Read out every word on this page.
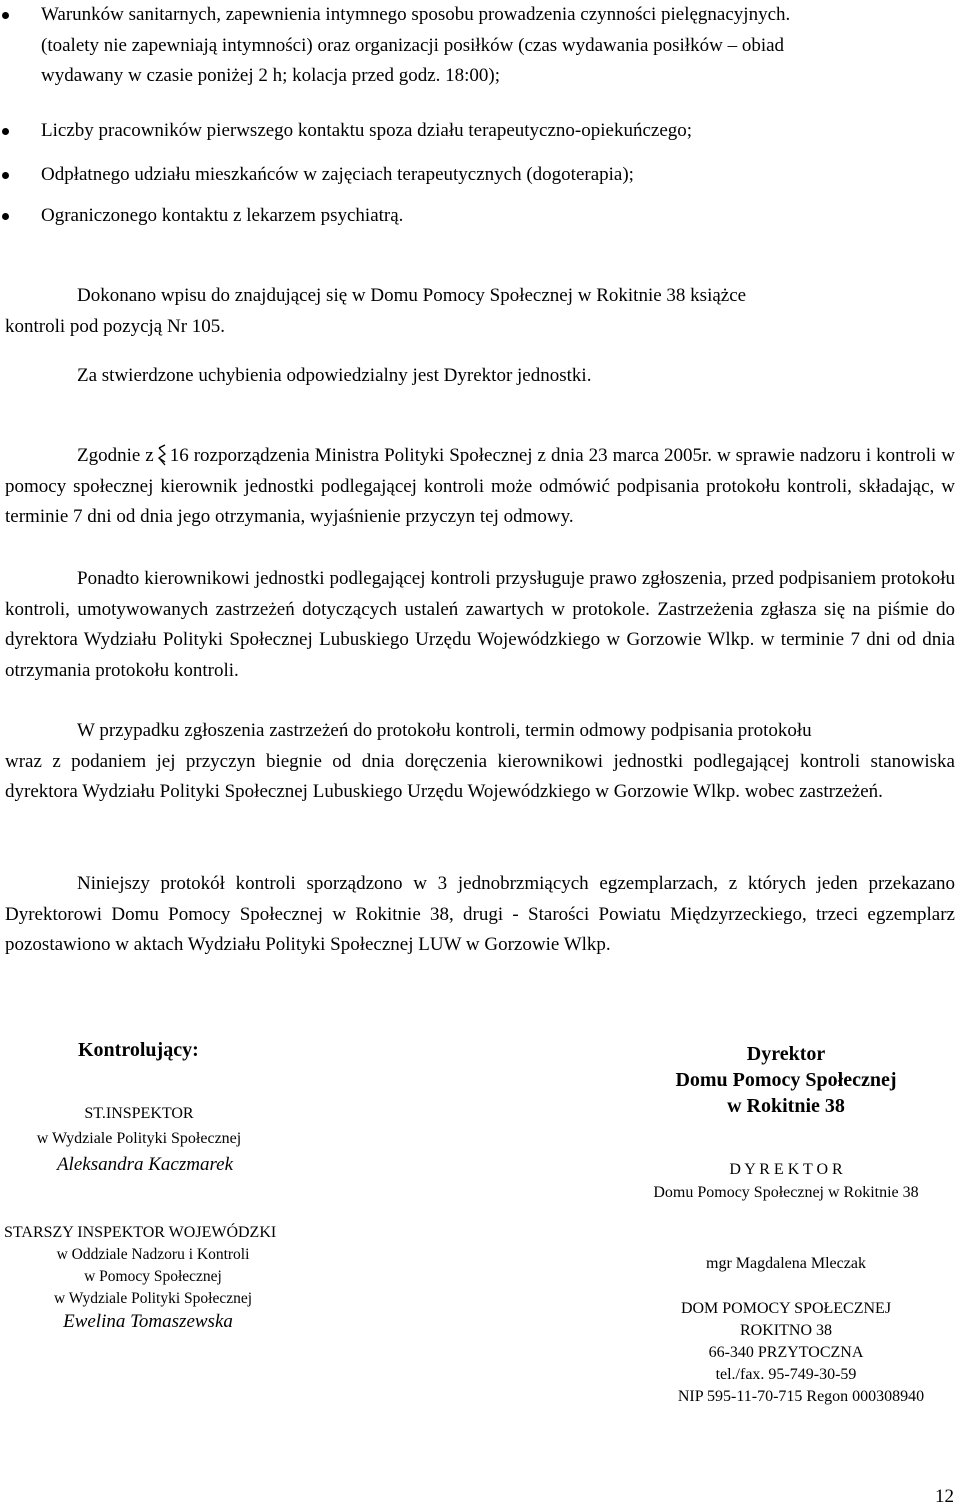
Warunków sanitarnych, zapewnienia intymnego sposobu prowadzenia czynności pielęgnacyjnych.
(toalety nie zapewniają intymności) oraz organizacji posiłków (czas wydawania posiłków – obiad
wydawany w czasie poniżej 2 h; kolacja przed godz. 18:00);

Liczby pracowników pierwszego kontaktu spoza działu terapeutyczno-opiekuńczego;

Odpłatnego udziału mieszkańców w zajęciach terapeutycznych (dogoterapia);

Ograniczonego kontaktu z lekarzem psychiatrą.

Dokonano wpisu do znajdującej się w Domu Pomocy Społecznej w Rokitnie 38 książce
kontroli pod pozycją Nr 105.

Za stwierdzone uchybienia odpowiedzialny jest Dyrektor jednostki.

Zgodnie z 16 rozporządzenia Ministra Polityki Społecznej z dnia 23 marca 2005r. w sprawie nadzoru i kontroli w pomocy społecznej kierownik jednostki podlegającej kontroli może odmówić podpisania protokołu kontroli, składając, w terminie 7 dni od dnia jego otrzymania, wyjaśnienie przyczyn tej odmowy.

Ponadto kierownikowi jednostki podlegającej kontroli przysługuje prawo zgłoszenia, przed podpisaniem protokołu kontroli, umotywowanych zastrzeżeń dotyczących ustaleń zawartych w protokole. Zastrzeżenia zgłasza się na piśmie do dyrektora Wydziału Polityki Społecznej Lubuskiego Urzędu Wojewódzkiego w Gorzowie Wlkp. w terminie 7 dni od dnia otrzymania protokołu kontroli.

W przypadku zgłoszenia zastrzeżeń do protokołu kontroli, termin odmowy podpisania protokołu
wraz z podaniem jej przyczyn biegnie od dnia doręczenia kierownikowi jednostki podlegającej kontroli stanowiska dyrektora Wydziału Polityki Społecznej Lubuskiego Urzędu Wojewódzkiego w Gorzowie Wlkp. wobec zastrzeżeń.

Niniejszy protokół kontroli sporządzono w 3 jednobrzmiących egzemplarzach, z których jeden przekazano Dyrektorowi Domu Pomocy Społecznej w Rokitnie 38, drugi - Starości Powiatu Międzyrzeckiego, trzeci egzemplarz pozostawiono w aktach Wydziału Polityki Społecznej LUW w Gorzowie Wlkp.

Kontrolujący:

ST.INSPEKTOR

w Wydziale Polityki Społecznej

Aleksandra Kaczmarek

STARSZY INSPEKTOR WOJEWÓDZKI

w Oddziale Nadzoru i Kontroli

w Pomocy Społecznej

w Wydziale Polityki Społecznej

Ewelina Tomaszewska

Dyrektor

Domu Pomocy Społecznej

w Rokitnie 38

D Y R E K T O R

Domu Pomocy Społecznej w Rokitnie 38

mgr Magdalena Mleczak

DOM POMOCY SPOŁECZNEJ

ROKITNO 38

66-340 PRZYTOCZNA

tel./fax. 95-749-30-59

NIP 595-11-70-715 Regon 000308940

12
